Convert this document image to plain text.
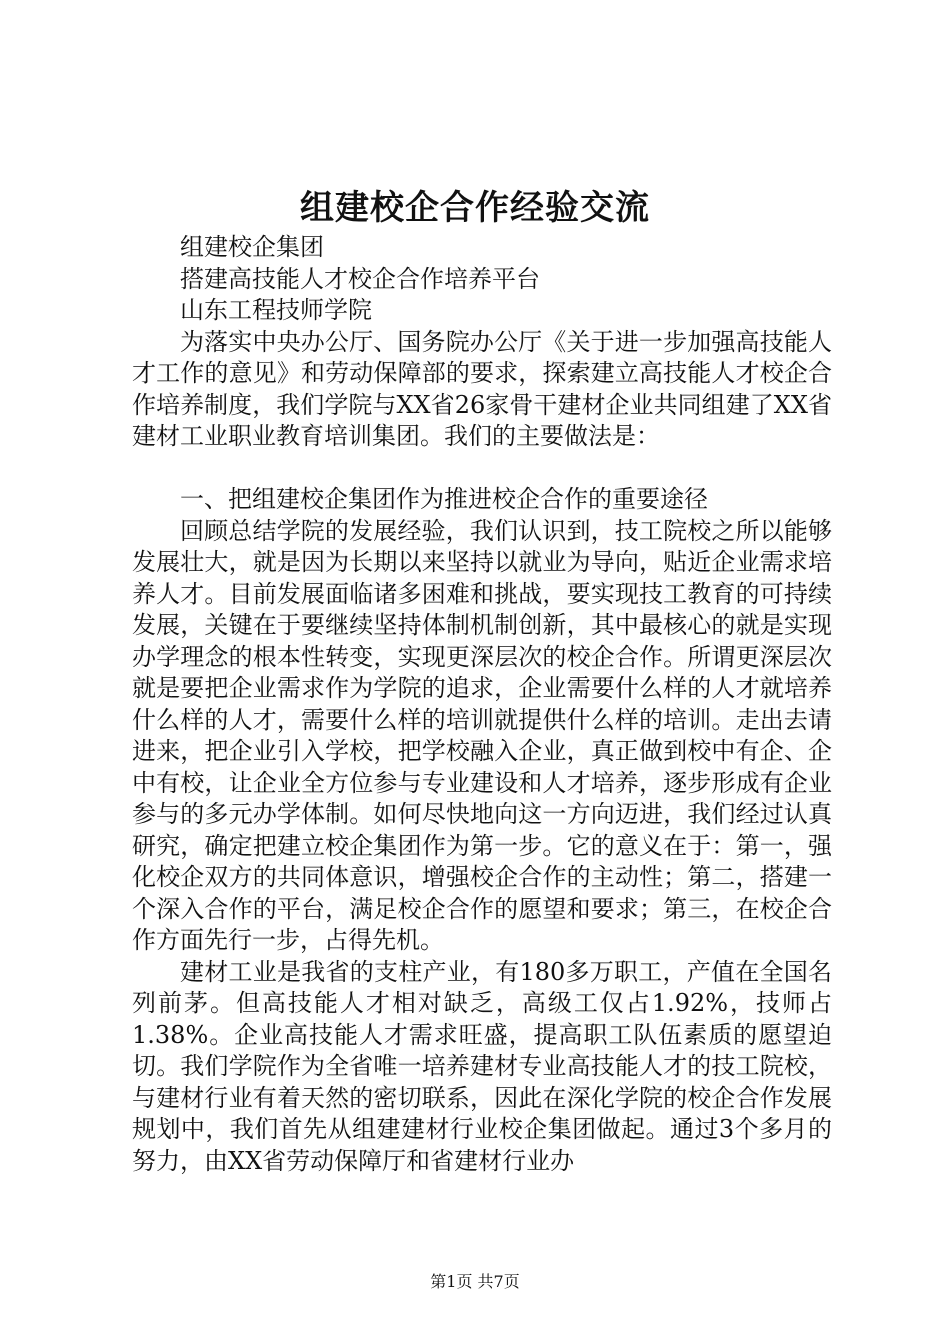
组建校企合作经验交流

组建校企集团

搭建高技能人才校企合作培养平台

山东工程技师学院

为落实中央办公厅、国务院办公厅《关于进一步加强高技能人才工作的意见》和劳动保障部的要求，探索建立高技能人才校企合作培养制度，我们学院与XX省26家骨干建材企业共同组建了XX省建材工业职业教育培训集团。我们的主要做法是：

一、把组建校企集团作为推进校企合作的重要途径

回顾总结学院的发展经验，我们认识到，技工院校之所以能够发展壮大，就是因为长期以来坚持以就业为导向，贴近企业需求培养人才。目前发展面临诸多困难和挑战，要实现技工教育的可持续发展，关键在于要继续坚持体制机制创新，其中最核心的就是实现办学理念的根本性转变，实现更深层次的校企合作。所谓更深层次就是要把企业需求作为学院的追求，企业需要什么样的人才就培养什么样的人才，需要什么样的培训就提供什么样的培训。走出去请进来，把企业引入学校，把学校融入企业，真正做到校中有企、企中有校，让企业全方位参与专业建设和人才培养，逐步形成有企业参与的多元办学体制。如何尽快地向这一方向迈进，我们经过认真研究，确定把建立校企集团作为第一步。它的意义在于：第一，强化校企双方的共同体意识，增强校企合作的主动性；第二，搭建一个深入合作的平台，满足校企合作的愿望和要求；第三，在校企合作方面先行一步，占得先机。

建材工业是我省的支柱产业，有180多万职工，产值在全国名列前茅。但高技能人才相对缺乏，高级工仅占1.92%，技师占1.38%。企业高技能人才需求旺盛，提高职工队伍素质的愿望迫切。我们学院作为全省唯一培养建材专业高技能人才的技工院校，与建材行业有着天然的密切联系，因此在深化学院的校企合作发展规划中，我们首先从组建建材行业校企集团做起。通过3个多月的努力，由XX省劳动保障厅和省建材行业办

第1页 共7页
